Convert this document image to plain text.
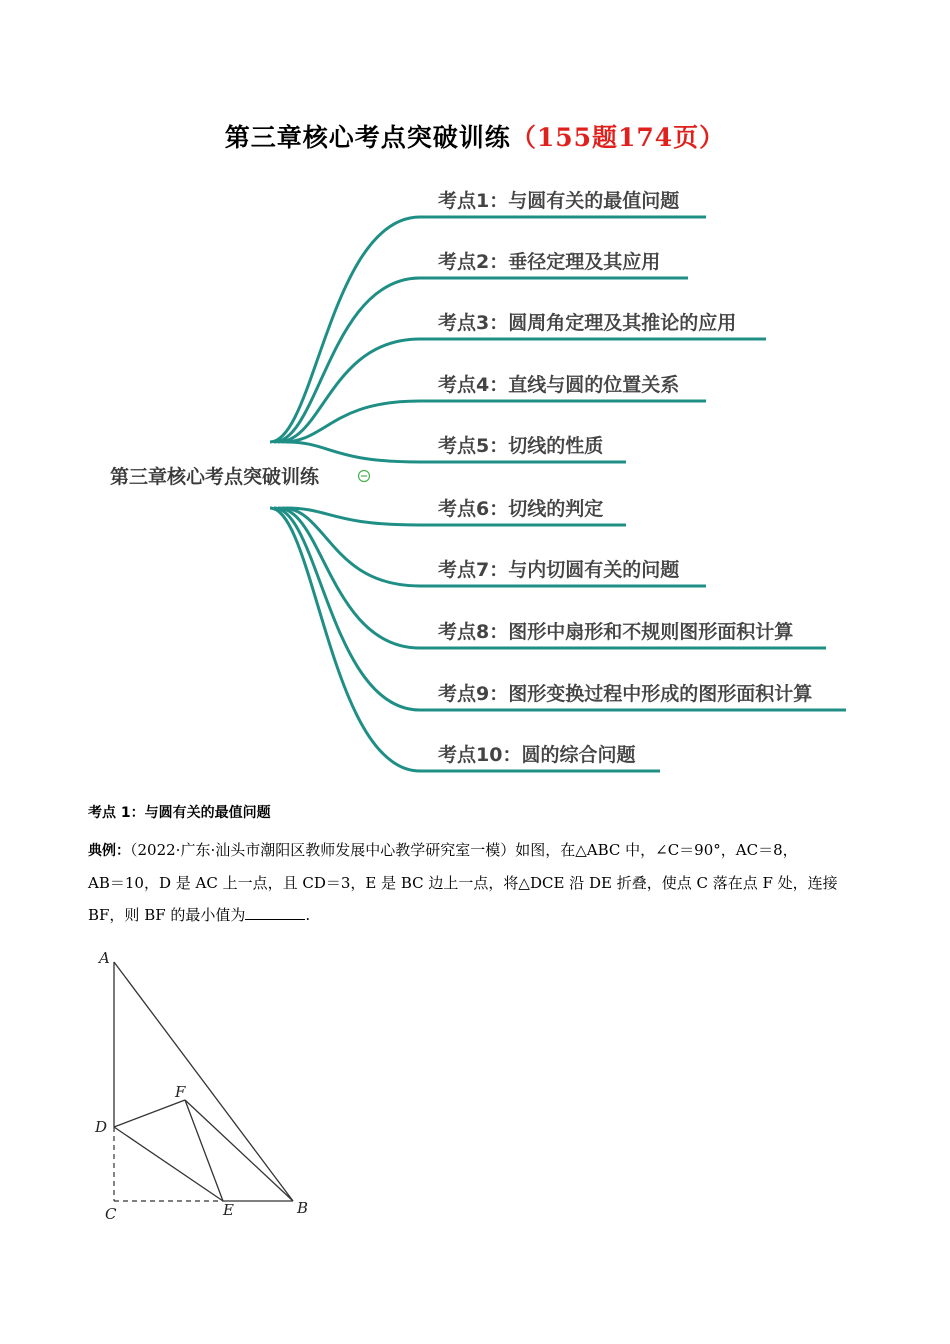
第三章核心考点突破训练（155题174页）
第三章核心考点突破训练
考点1：与圆有关的最值问题
考点2：垂径定理及其应用
考点3：圆周角定理及其推论的应用
考点4：直线与圆的位置关系
考点5：切线的性质
考点6：切线的判定
考点7：与内切圆有关的问题
考点8：图形中扇形和不规则图形面积计算
考点9：图形变换过程中形成的图形面积计算
考点10：圆的综合问题
考点 1：与圆有关的最值问题
典例：（2022·广东·汕头市潮阳区教师发展中心教学研究室一模）如图，在△ABC 中，∠C＝90°，AC＝8，
AB＝10，D 是 AC 上一点，且 CD＝3，E 是 BC 边上一点，将△DCE 沿 DE 折叠，使点 C 落在点 F 处，连接
BF，则 BF 的最小值为	.
A
D
C	E	B
F
